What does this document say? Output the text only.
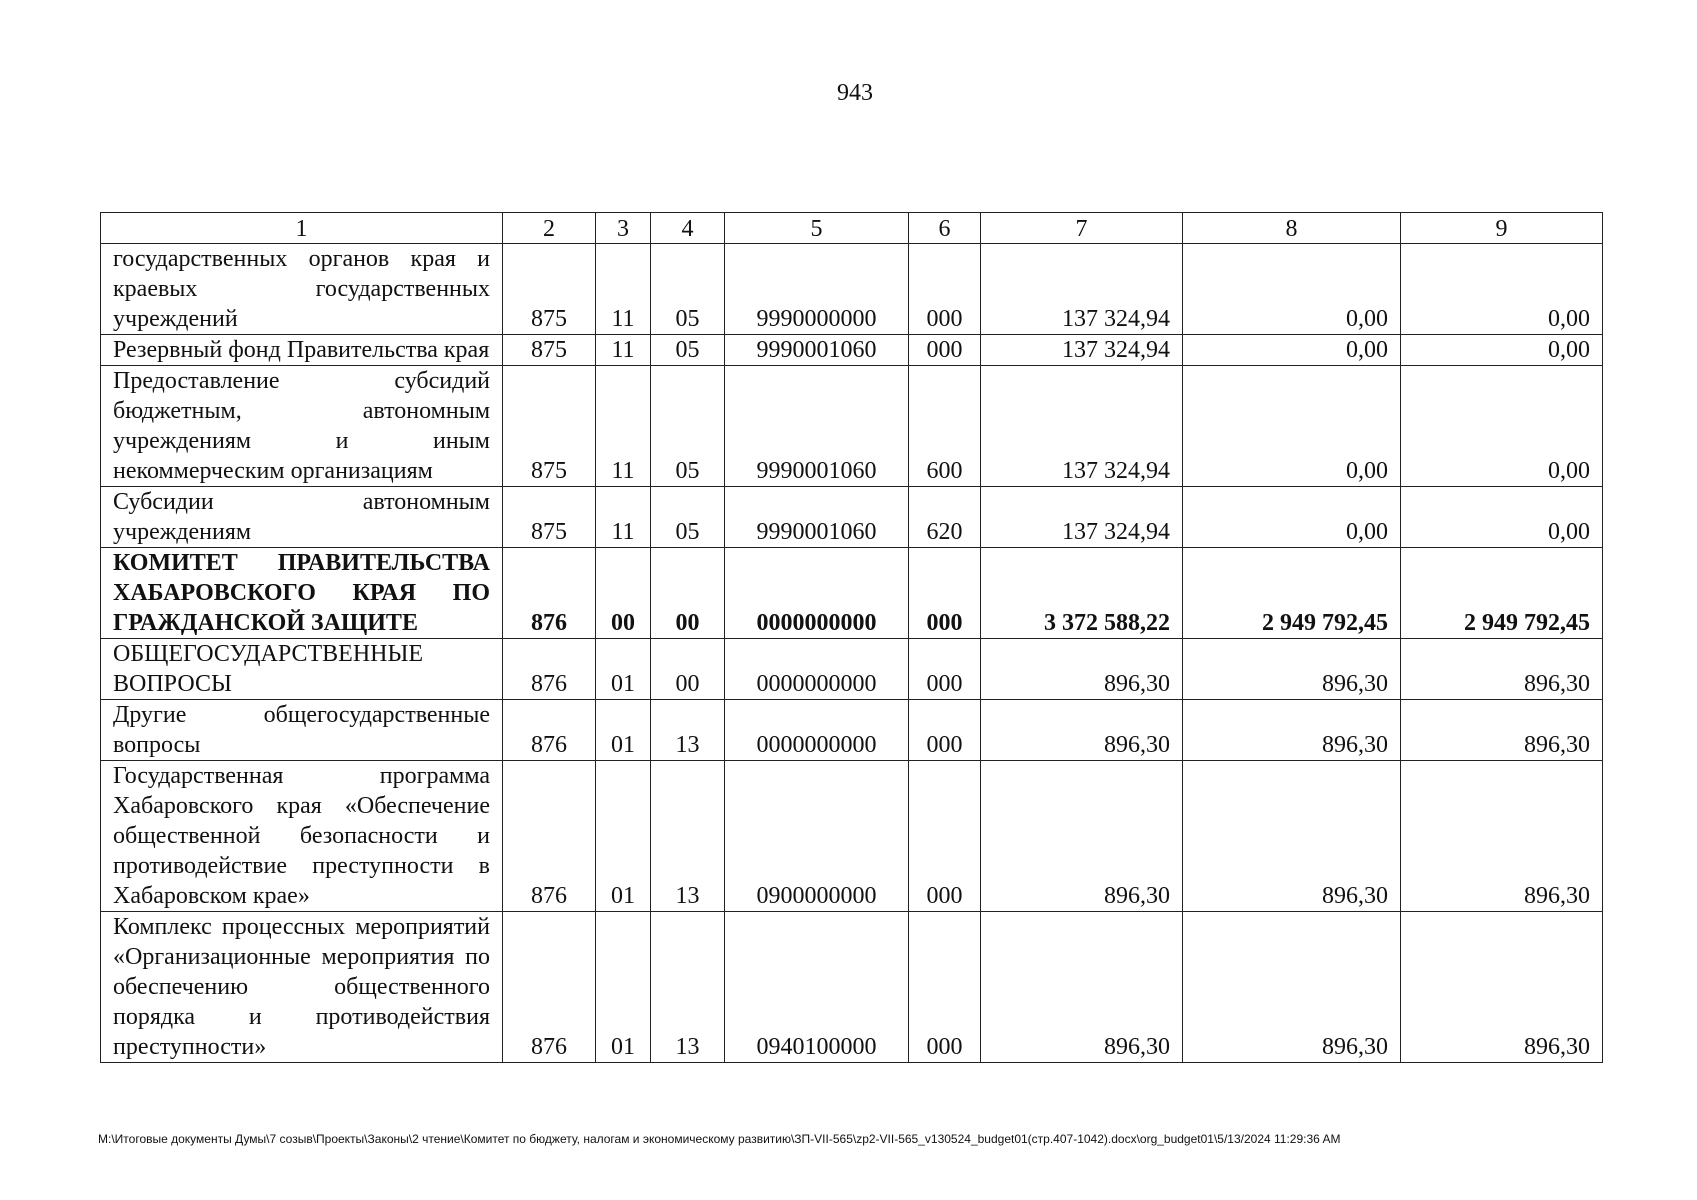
943
1	2	3	4	5	6	7	8	9
государственных органов края и краевых государственных учреждений	875	11	05	9990000000	000	137 324,94	0,00	0,00
Резервный фонд Правительства края	875	11	05	9990001060	000	137 324,94	0,00	0,00
Предоставление субсидий бюджетным, автономным учреждениям и иным некоммерческим организациям	875	11	05	9990001060	600	137 324,94	0,00	0,00
Субсидии автономным учреждениям	875	11	05	9990001060	620	137 324,94	0,00	0,00
КОМИТЕТ ПРАВИТЕЛЬСТВА ХАБАРОВСКОГО КРАЯ ПО ГРАЖДАНСКОЙ ЗАЩИТЕ	876	00	00	0000000000	000	3 372 588,22	2 949 792,45	2 949 792,45
ОБЩЕГОСУДАРСТВЕННЫЕ ВОПРОСЫ	876	01	00	0000000000	000	896,30	896,30	896,30
Другие общегосударственные вопросы	876	01	13	0000000000	000	896,30	896,30	896,30
Государственная программа Хабаровского края «Обеспечение общественной безопасности и противодействие преступности в Хабаровском крае»	876	01	13	0900000000	000	896,30	896,30	896,30
Комплекс процессных мероприятий «Организационные мероприятия по обеспечению общественного порядка и противодействия преступности»	876	01	13	0940100000	000	896,30	896,30	896,30
M:\Итоговые документы Думы\7 созыв\Проекты\Законы\2 чтение\Комитет по бюджету, налогам и экономическому развитию\ЗП-VII-565\zp2-VII-565_v130524_budget01(стр.407-1042).docx\org_budget01\5/13/2024 11:29:36 AM
